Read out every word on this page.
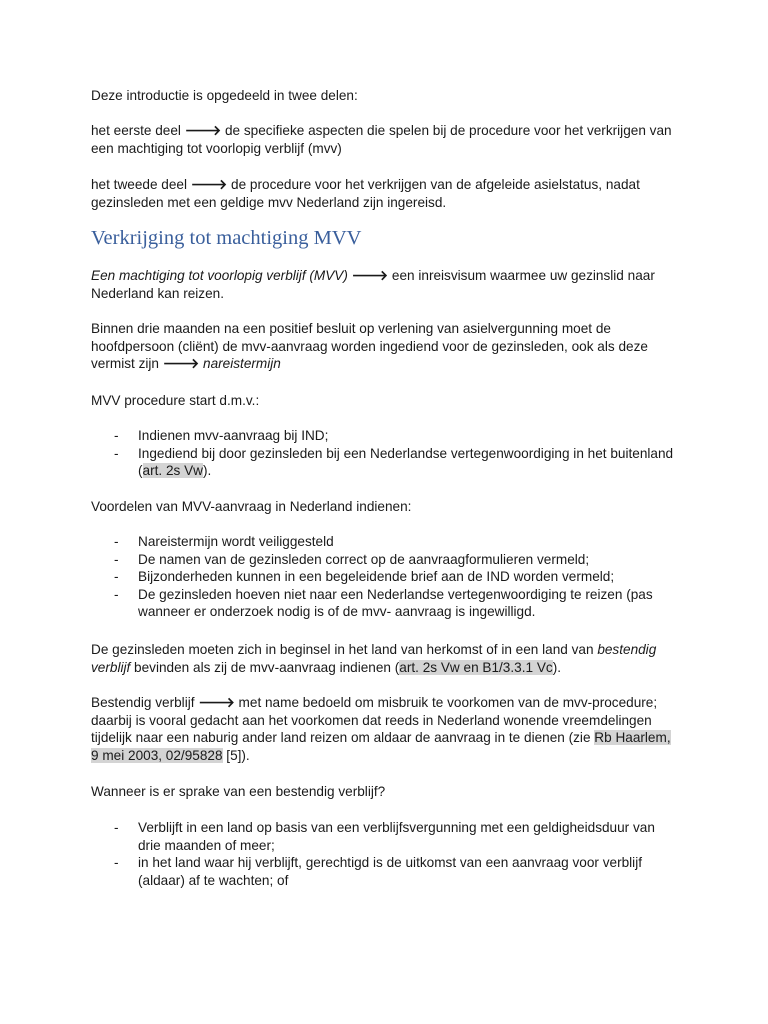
Deze introductie is opgedeeld in twee delen:

het eerste deel 🡒 de specifieke aspecten die spelen bij de procedure voor het verkrijgen van een machtiging tot voorlopig verblijf (mvv)

het tweede deel 🡒 de procedure voor het verkrijgen van de afgeleide asielstatus, nadat gezinsleden met een geldige mvv Nederland zijn ingereisd.

Verkrijging tot machtiging MVV

Een machtiging tot voorlopig verblijf (MVV) 🡒 een inreisvisum waarmee uw gezinslid naar Nederland kan reizen.

Binnen drie maanden na een positief besluit op verlening van asielvergunning moet de hoofdpersoon (cliënt) de mvv-aanvraag worden ingediend voor de gezinsleden, ook als deze vermist zijn 🡒 nareistermijn

MVV procedure start d.m.v.:

- Indienen mvv-aanvraag bij IND;
- Ingediend bij door gezinsleden bij een Nederlandse vertegenwoordiging in het buitenland (art. 2s Vw).

Voordelen van MVV-aanvraag in Nederland indienen:

- Nareistermijn wordt veiliggesteld
- De namen van de gezinsleden correct op de aanvraagformulieren vermeld;
- Bijzonderheden kunnen in een begeleidende brief aan de IND worden vermeld;
- De gezinsleden hoeven niet naar een Nederlandse vertegenwoordiging te reizen (pas wanneer er onderzoek nodig is of de mvv- aanvraag is ingewilligd.

De gezinsleden moeten zich in beginsel in het land van herkomst of in een land van bestendig verblijf bevinden als zij de mvv-aanvraag indienen (art. 2s Vw en B1/3.3.1 Vc).

Bestendig verblijf 🡒 met name bedoeld om misbruik te voorkomen van de mvv-procedure; daarbij is vooral gedacht aan het voorkomen dat reeds in Nederland wonende vreemdelingen tijdelijk naar een naburig ander land reizen om aldaar de aanvraag in te dienen (zie Rb Haarlem, 9 mei 2003, 02/95828 [5]).

Wanneer is er sprake van een bestendig verblijf?

- Verblijft in een land op basis van een verblijfsvergunning met een geldigheidsduur van drie maanden of meer;
- in het land waar hij verblijft, gerechtigd is de uitkomst van een aanvraag voor verblijf (aldaar) af te wachten; of
